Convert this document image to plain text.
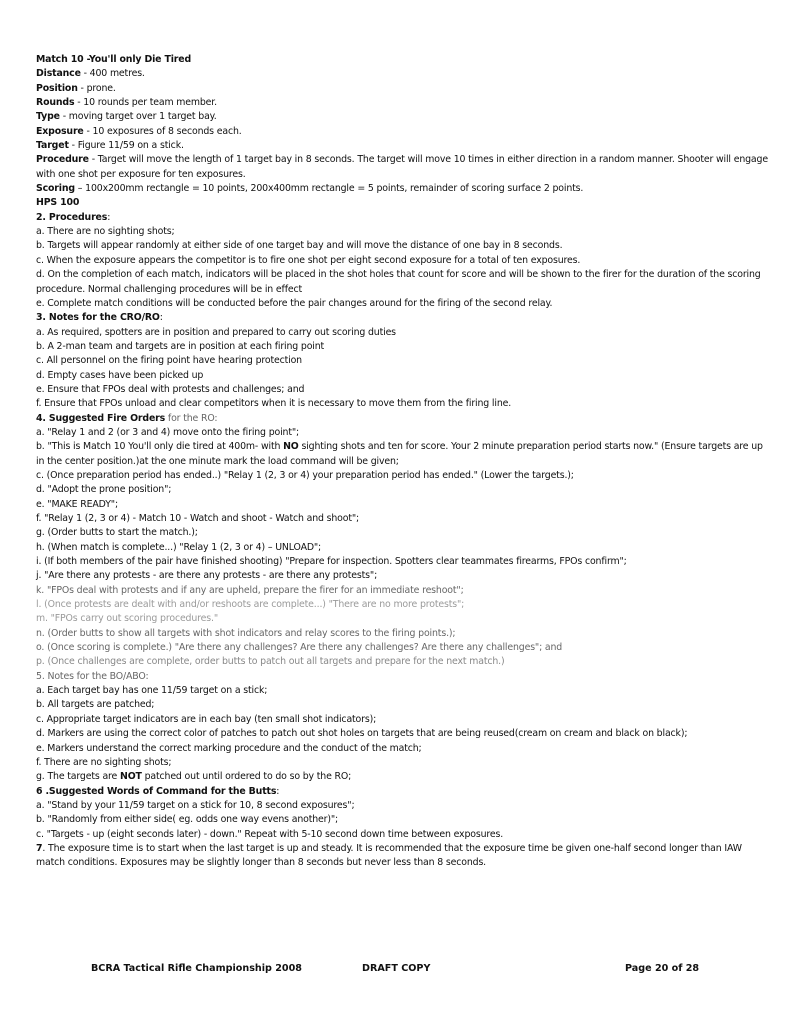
Match 10 -You'll only Die Tired

Distance - 400 metres.

Position - prone.

Rounds - 10 rounds per team member.

Type - moving target over 1 target bay.

Exposure - 10 exposures of 8 seconds each.

Target - Figure 11/59 on a stick.

Procedure - Target will move the length of 1 target bay in 8 seconds. The target will move 10 times in either direction in a random manner. Shooter will engage with one shot per exposure for ten exposures.

Scoring – 100x200mm rectangle = 10 points, 200x400mm rectangle = 5 points, remainder of scoring surface 2 points.

HPS 100

2. Procedures:

a. There are no sighting shots;

b. Targets will appear randomly at either side of one target bay and will move the distance of one bay in 8 seconds.

c. When the exposure appears the competitor is to fire one shot per eight second exposure for a total of ten exposures.

d. On the completion of each match, indicators will be placed in the shot holes that count for score and will be shown to the firer for the duration of the scoring procedure. Normal challenging procedures will be in effect

e. Complete match conditions will be conducted before the pair changes around for the firing of the second relay.

3. Notes for the CRO/RO:

a. As required, spotters are in position and prepared to carry out scoring duties

b. A 2-man team and targets are in position at each firing point

c. All personnel on the firing point have hearing protection

d. Empty cases have been picked up

e. Ensure that FPOs deal with protests and challenges; and

f. Ensure that FPOs unload and clear competitors when it is necessary to move them from the firing line.

4. Suggested Fire Orders for the RO:

a. "Relay 1 and 2 (or 3 and 4) move onto the firing point";

b. "This is Match 10 You'll only die tired at 400m- with NO sighting shots and ten for score. Your 2 minute preparation period starts now." (Ensure targets are up in the center position.)at the one minute mark the load command will be given;

c. (Once preparation period has ended..) "Relay 1 (2, 3 or 4) your preparation period has ended." (Lower the targets.);

d. "Adopt the prone position";

e. "MAKE READY";

f. "Relay 1 (2, 3 or 4) - Match 10 - Watch and shoot - Watch and shoot";

g. (Order butts to start the match.);

h. (When match is complete...) "Relay 1 (2, 3 or 4) – UNLOAD";

i. (If both members of the pair have finished shooting) "Prepare for inspection. Spotters clear teammates firearms, FPOs confirm";

j. "Are there any protests - are there any protests - are there any protests";

k. "FPOs deal with protests and if any are upheld, prepare the firer for an immediate reshoot";

l. (Once protests are dealt with and/or reshoots are complete...) "There are no more protests";

m. "FPOs carry out scoring procedures."

n. (Order butts to show all targets with shot indicators and relay scores to the firing points.);

o. (Once scoring is complete.) "Are there any challenges? Are there any challenges? Are there any challenges"; and

p. (Once challenges are complete, order butts to patch out all targets and prepare for the next match.)

5. Notes for the BO/ABO:

a. Each target bay has one 11/59 target on a stick;

b. All targets are patched;

c. Appropriate target indicators are in each bay (ten small shot indicators);

d. Markers are using the correct color of patches to patch out shot holes on targets that are being reused(cream on cream and black on black);

e. Markers understand the correct marking procedure and the conduct of the match;

f. There are no sighting shots;

g. The targets are NOT patched out until ordered to do so by the RO;

6 .Suggested Words of Command for the Butts:

a. "Stand by your 11/59 target on a stick for 10, 8 second exposures";

b. "Randomly from either side( eg. odds one way evens another)";

c. "Targets - up (eight seconds later) - down." Repeat with 5-10 second down time between exposures.

7. The exposure time is to start when the last target is up and steady. It is recommended that the exposure time be given one-half second longer than IAW match conditions. Exposures may be slightly longer than 8 seconds but never less than 8 seconds.

BCRA Tactical Rifle Championship 2008	DRAFT COPY	Page 20 of 28
